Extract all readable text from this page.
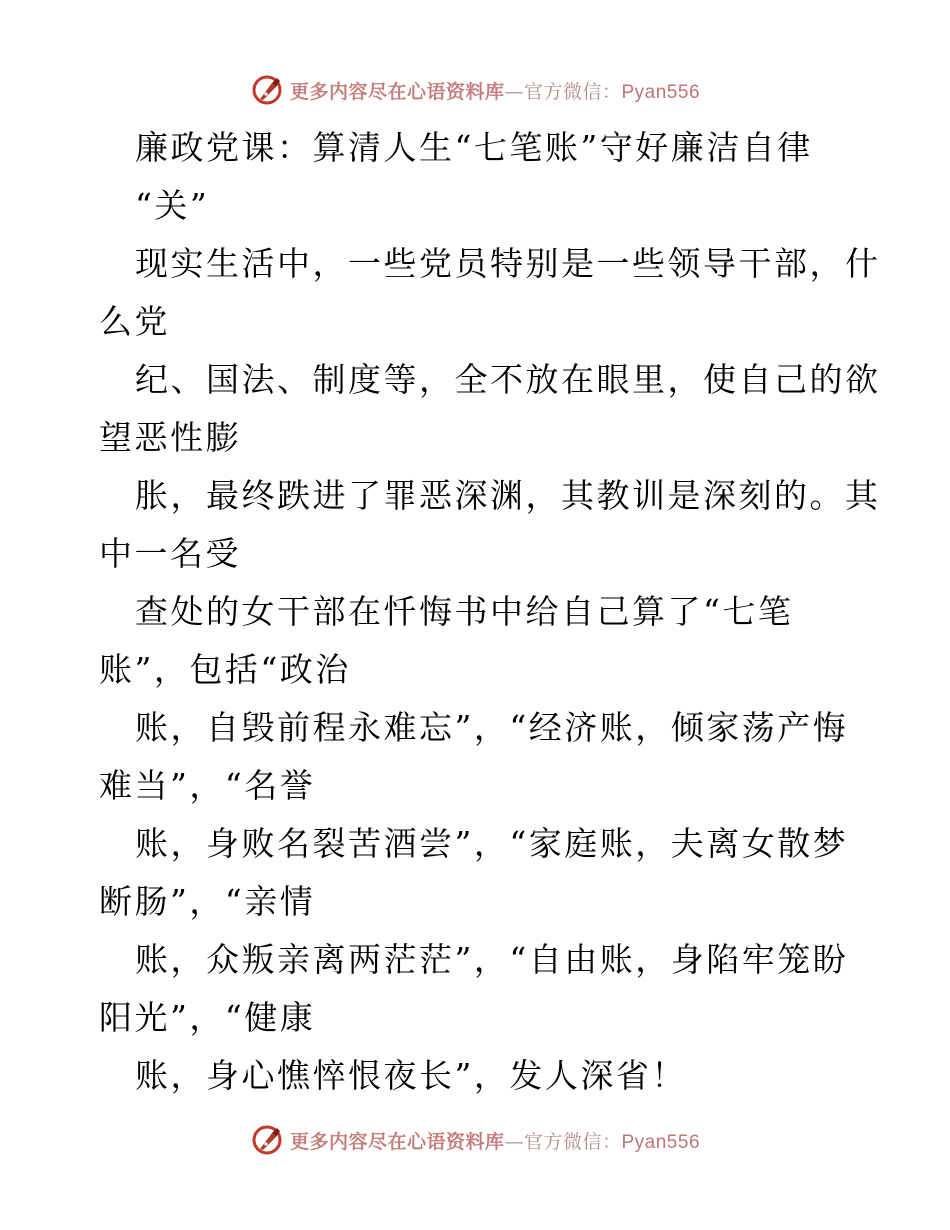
更多内容尽在心语资料库—官方微信：Pyan556
廉政党课：算清人生“七笔账”守好廉洁自律
“关”
现实生活中，一些党员特别是一些领导干部，什
么党
纪、国法、制度等，全不放在眼里，使自己的欲
望恶性膨
胀，最终跌进了罪恶深渊，其教训是深刻的。其
中一名受
查处的女干部在忏悔书中给自己算了“七笔
账”，包括“政治
账，自毁前程永难忘”，“经济账，倾家荡产悔
难当”，“名誉
账，身败名裂苦酒尝”，“家庭账，夫离女散梦
断肠”，“亲情
账，众叛亲离两茫茫”，“自由账，身陷牢笼盼
阳光”，“健康
账，身心憔悴恨夜长”，发人深省！
更多内容尽在心语资料库—官方微信：Pyan556
